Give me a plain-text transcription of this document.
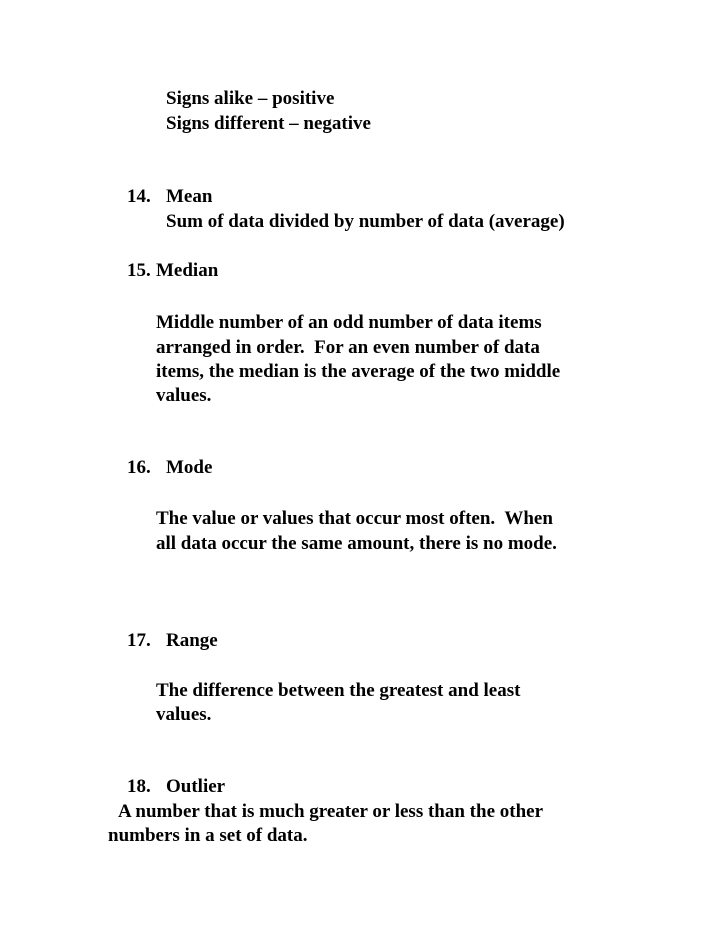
Signs alike – positive
Signs different – negative
14. Mean
Sum of data divided by number of data (average)
15. Median
Middle number of an odd number of data items
arranged in order.  For an even number of data
items, the median is the average of the two middle
values.
16. Mode
The value or values that occur most often.  When
all data occur the same amount, there is no mode.
17. Range
The difference between the greatest and least
values.
18. Outlier
A number that is much greater or less than the other
numbers in a set of data.
